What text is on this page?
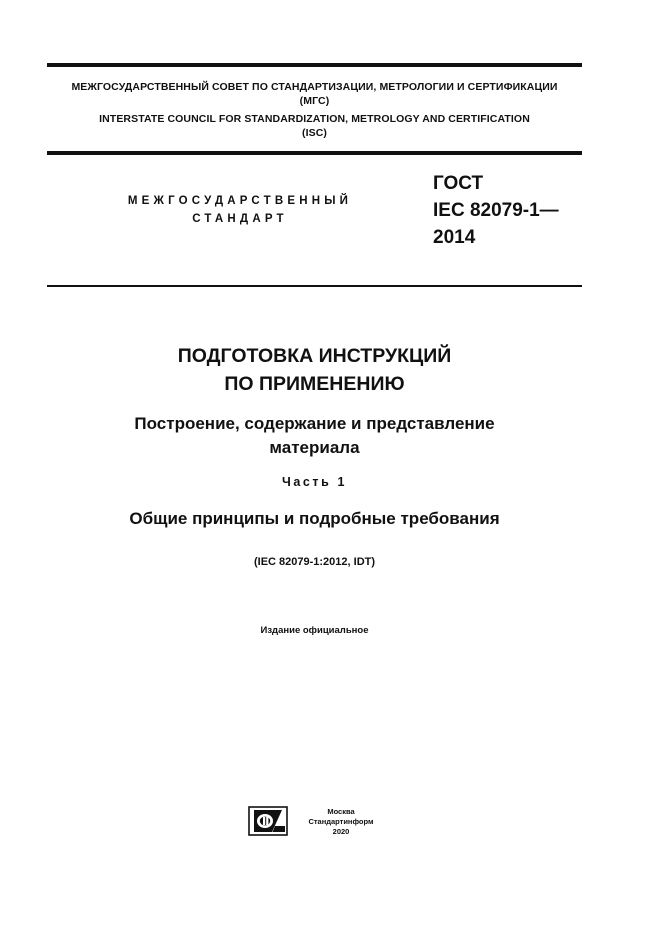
МЕЖГОСУДАРСТВЕННЫЙ СОВЕТ ПО СТАНДАРТИЗАЦИИ, МЕТРОЛОГИИ И СЕРТИФИКАЦИИ
(МГС)
INTERSTATE COUNCIL FOR STANDARDIZATION, METROLOGY AND CERTIFICATION
(ISC)
МЕЖГОСУДАРСТВЕННЫЙ
СТАНДАРТ
ГОСТ
IEC 82079-1—
2014
ПОДГОТОВКА ИНСТРУКЦИЙ
ПО ПРИМЕНЕНИЮ
Построение, содержание и представление
материала
Часть 1
Общие принципы и подробные требования
(IEC 82079-1:2012, IDT)
Издание официальное
Москва
Стандартинформ
2020
